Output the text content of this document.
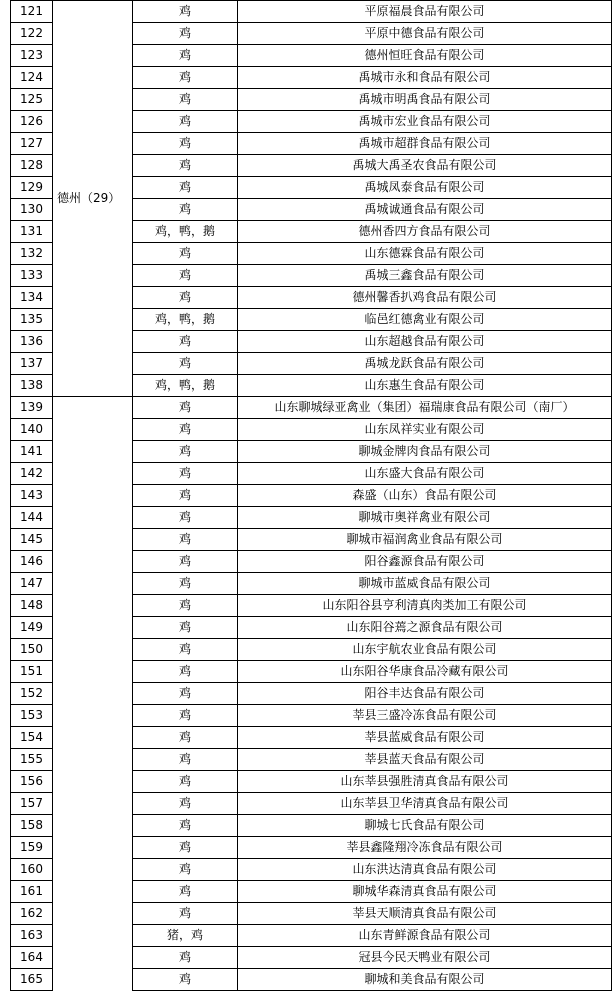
121	德州（29）	鸡	平原福晨食品有限公司
122		鸡	平原中德食品有限公司
123		鸡	德州恒旺食品有限公司
124		鸡	禹城市永和食品有限公司
125		鸡	禹城市明禹食品有限公司
126		鸡	禹城市宏业食品有限公司
127		鸡	禹城市超群食品有限公司
128		鸡	禹城大禹圣农食品有限公司
129		鸡	禹城凤泰食品有限公司
130		鸡	禹城诚通食品有限公司
131		鸡，鸭，鹅	德州香四方食品有限公司
132		鸡	山东德霖食品有限公司
133		鸡	禹城三鑫食品有限公司
134		鸡	德州馨香扒鸡食品有限公司
135		鸡，鸭，鹅	临邑红德禽业有限公司
136		鸡	山东超越食品有限公司
137		鸡	禹城龙跃食品有限公司
138		鸡，鸭，鹅	山东惠生食品有限公司
139		鸡	山东聊城绿亚禽业（集团）福瑞康食品有限公司（南厂）
140		鸡	山东凤祥实业有限公司
141		鸡	聊城金牌肉食品有限公司
142		鸡	山东盛大食品有限公司
143		鸡	森盛（山东）食品有限公司
144		鸡	聊城市奥祥禽业有限公司
145		鸡	聊城市福润禽业食品有限公司
146		鸡	阳谷鑫源食品有限公司
147		鸡	聊城市蓝威食品有限公司
148		鸡	山东阳谷县亨利清真肉类加工有限公司
149		鸡	山东阳谷蔫之源食品有限公司
150		鸡	山东宇航农业食品有限公司
151		鸡	山东阳谷华康食品冷藏有限公司
152		鸡	阳谷丰达食品有限公司
153		鸡	莘县三盛冷冻食品有限公司
154		鸡	莘县蓝威食品有限公司
155		鸡	莘县蓝天食品有限公司
156		鸡	山东莘县强胜清真食品有限公司
157		鸡	山东莘县卫华清真食品有限公司
158		鸡	聊城七氏食品有限公司
159		鸡	莘县鑫隆翔冷冻食品有限公司
160		鸡	山东洪达清真食品有限公司
161		鸡	聊城华森清真食品有限公司
162		鸡	莘县天顺清真食品有限公司
163		猪，鸡	山东青鲜源食品有限公司
164		鸡	冠县今民天鸭业有限公司
165		鸡	聊城和美食品有限公司
